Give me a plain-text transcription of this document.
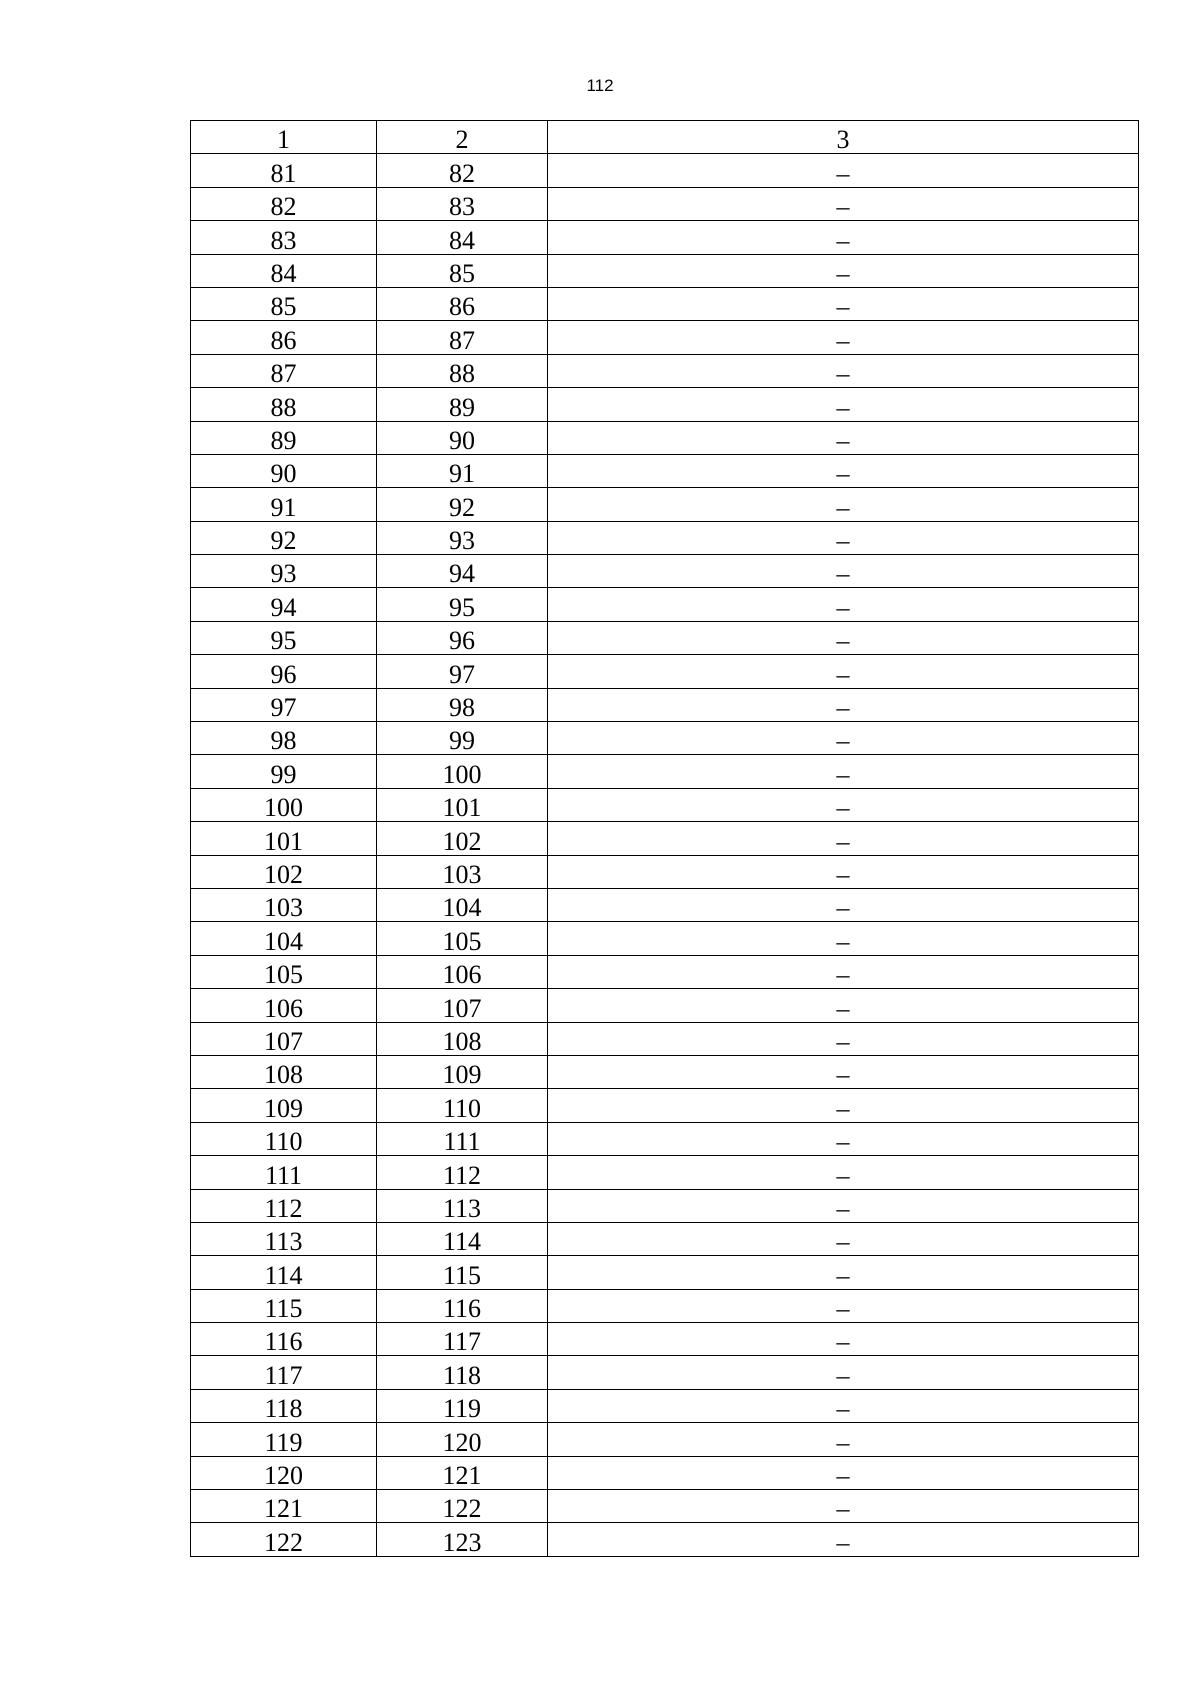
112
1	2	3
81	82	–
82	83	–
83	84	–
84	85	–
85	86	–
86	87	–
87	88	–
88	89	–
89	90	–
90	91	–
91	92	–
92	93	–
93	94	–
94	95	–
95	96	–
96	97	–
97	98	–
98	99	–
99	100	–
100	101	–
101	102	–
102	103	–
103	104	–
104	105	–
105	106	–
106	107	–
107	108	–
108	109	–
109	110	–
110	111	–
111	112	–
112	113	–
113	114	–
114	115	–
115	116	–
116	117	–
117	118	–
118	119	–
119	120	–
120	121	–
121	122	–
122	123	–
